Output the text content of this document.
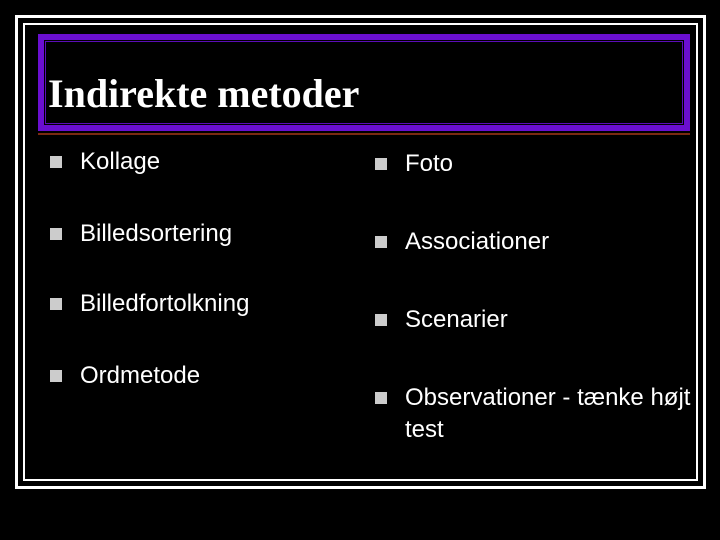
Indirekte metoder
Kollage
Billedsortering
Billedfortolkning
Ordmetode
Foto
Associationer
Scenarier
Observationer - tænke højt test
